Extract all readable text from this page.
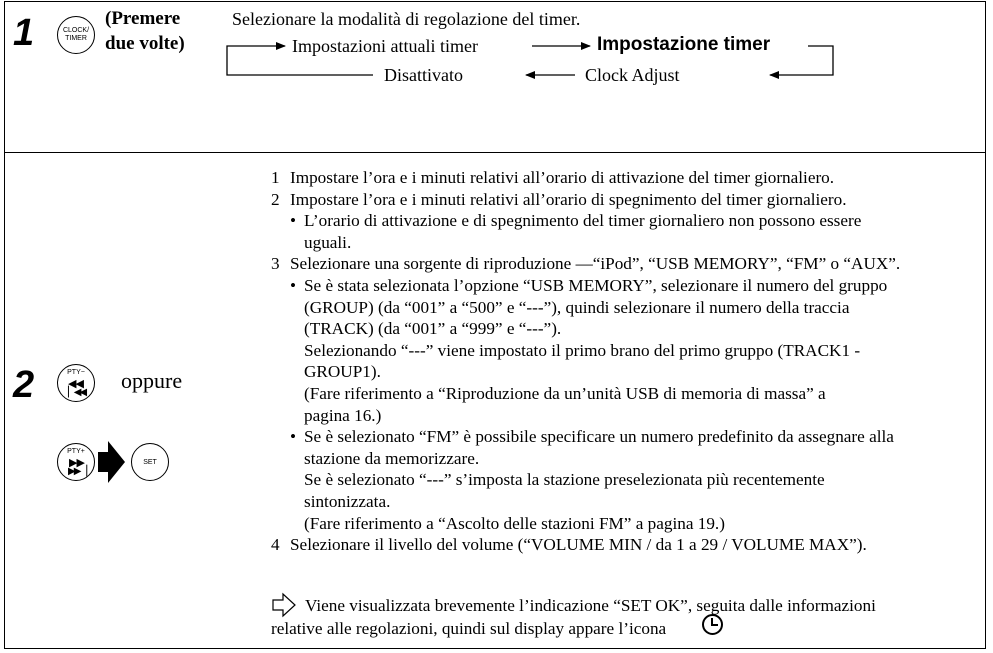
1	CLOCK/
TIMER
(Premere
due volte)
Selezionare la modalità di regolazione del timer.
Impostazioni attuali timer	Impostazione timer
Disattivato	Clock Adjust
2	PTY−
◀◀
▏◀◀ oppure
PTY+
▶▶
▶▶▕
SET
1 Impostare l’ora e i minuti relativi all’orario di attivazione del timer giornaliero.
2 Impostare l’ora e i minuti relativi all’orario di spegnimento del timer giornaliero.
• L’orario di attivazione e di spegnimento del timer giornaliero non possono essere
uguali.
3 Selezionare una sorgente di riproduzione —“iPod”, “USB MEMORY”, “FM” o “AUX”.
• Se è stata selezionata l’opzione “USB MEMORY”, selezionare il numero del gruppo
(GROUP) (da “001” a “500” e “---”), quindi selezionare il numero della traccia
(TRACK) (da “001” a “999” e “---”).
Selezionando “---” viene impostato il primo brano del primo gruppo (TRACK1 -
GROUP1).
(Fare riferimento a “Riproduzione da un’unità USB di memoria di massa” a
pagina 16.)
• Se è selezionato “FM” è possibile specificare un numero predefinito da assegnare alla
stazione da memorizzare.
Se è selezionato “---” s’imposta la stazione preselezionata più recentemente
sintonizzata.
(Fare riferimento a “Ascolto delle stazioni FM” a pagina 19.)
4 Selezionare il livello del volume (“VOLUME MIN / da 1 a 29 / VOLUME MAX”).
Viene visualizzata brevemente l’indicazione “SET OK”, seguita dalle informazioni
relative alle regolazioni, quindi sul display appare l’icona
